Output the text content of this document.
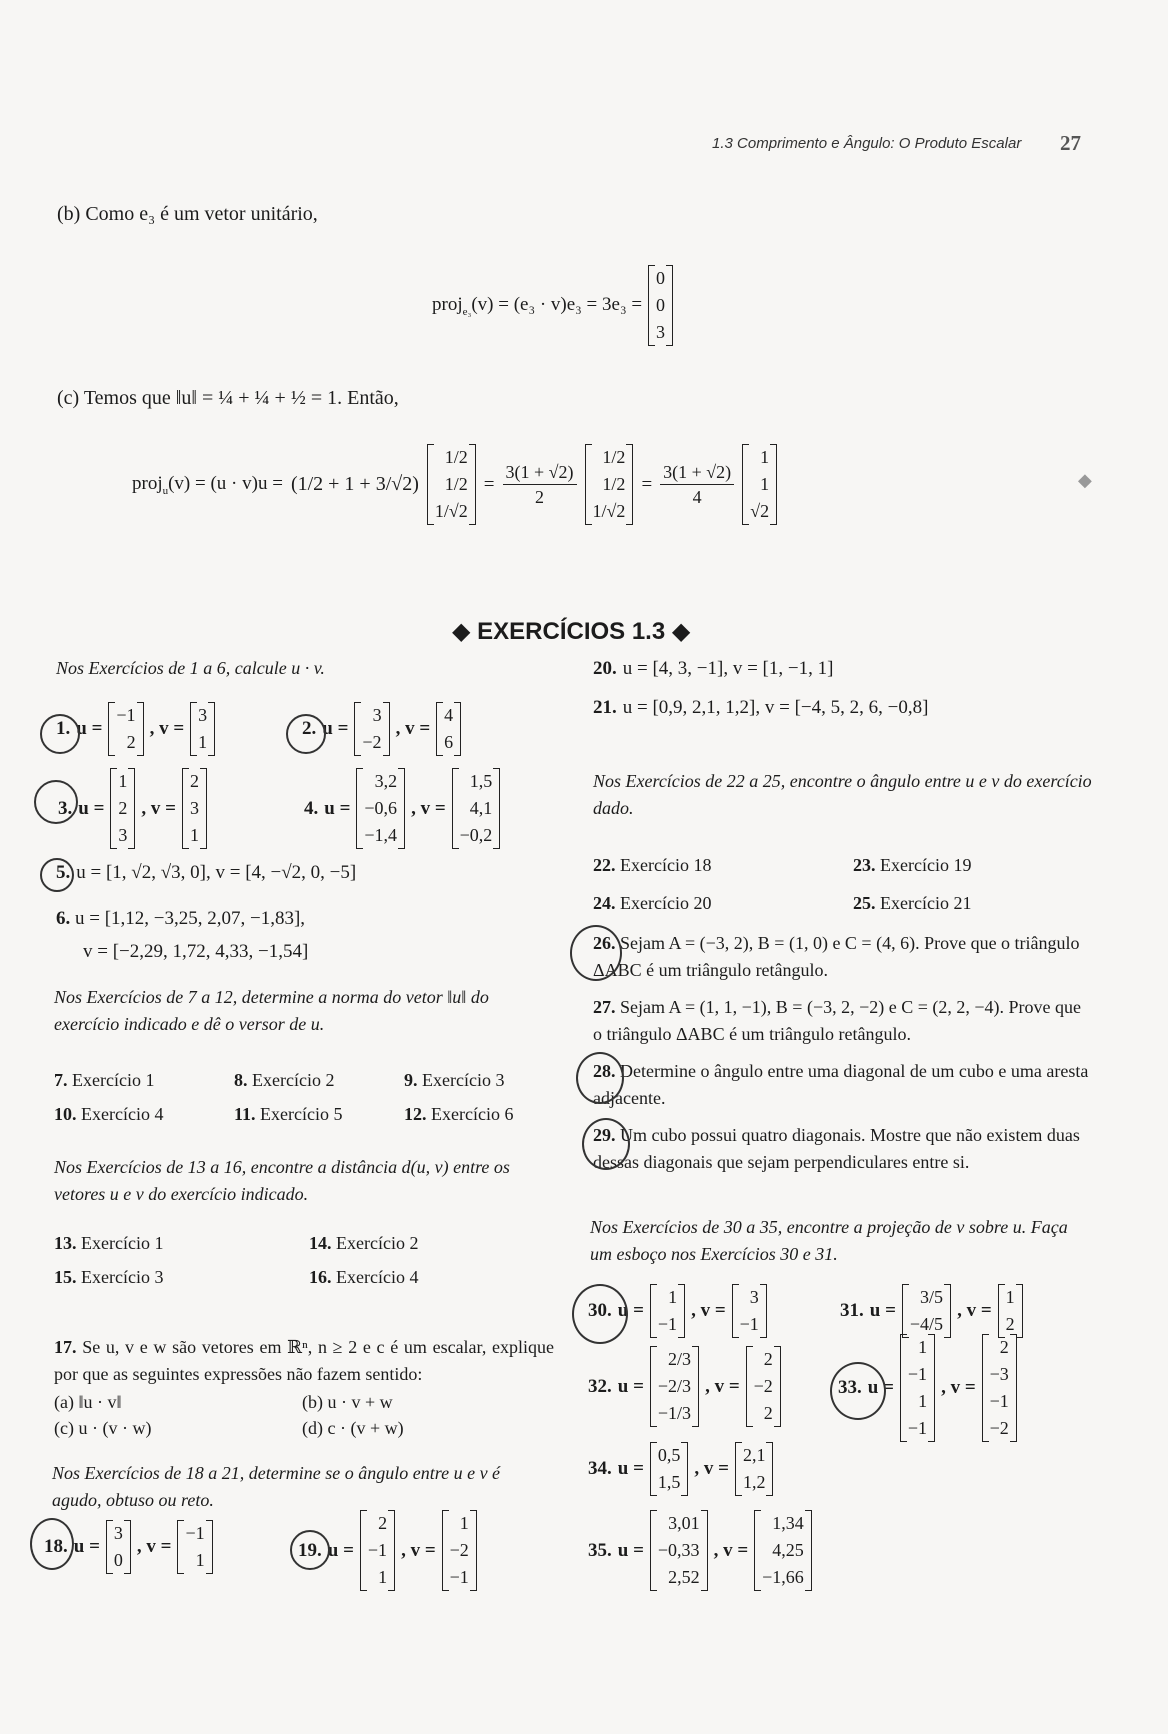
1.3 Comprimento e Ângulo: O Produto Escalar 27
(b) Como e₃ é um vetor unitário,
proj$_{e_3}$(v) = (e₃ · v)e₃ = 3e₃ =
0
0
3
(c) Temos que ‖u‖ = ¼ + ¼ + ½ = 1. Então,
proj$_u$(v) = (u · v)u = (1/2 + 1 + 3/√2)
1/2
1/2
1/√2
= $\frac{3(1 + √2)}{2}$
1/2
1/2
1/√2
= $\frac{3(1 + √2)}{4}$
1
1
√2
◆
◆ EXERCÍCIOS 1.3 ◆
Nos Exercícios de 1 a 6, calcule u · v.
1. u =
−1
2
, v =
3
1
2. u =
3
−2
, v =
4
6
3. u =
1
2
3
, v =
2
3
1
4. u =
3,2
−0,6
−1,4
, v =
1,5
4,1
−0,2
5. u = [1, √2, √3, 0], v = [4, −√2, 0, −5]
6. u = [1,12, −3,25, 2,07, −1,83],
v = [−2,29, 1,72, 4,33, −1,54]
Nos Exercícios de 7 a 12, determine a norma do vetor ‖u‖ do exercício indicado e dê o versor de u.
7. Exercício 1	8. Exercício 2	9. Exercício 3
10. Exercício 4	11. Exercício 5	12. Exercício 6
Nos Exercícios de 13 a 16, encontre a distância d(u, v) entre os vetores u e v do exercício indicado.
13. Exercício 1	14. Exercício 2
15. Exercício 3	16. Exercício 4
17. Se u, v e w são vetores em ℝⁿ, n ≥ 2 e c é um escalar, explique por que as seguintes expressões não fazem sentido:
(a) ‖u · v‖	(b) u · v + w
(c) u · (v · w)	(d) c · (v + w)
Nos Exercícios de 18 a 21, determine se o ângulo entre u e v é agudo, obtuso ou reto.
18. u =
3
0
, v =
−1
1	19. u =
2
−1
1
, v =
1
−2
−1
20. u = [4, 3, −1], v = [1, −1, 1]
21. u = [0,9, 2,1, 1,2], v = [−4, 5, 2, 6, −0,8]
Nos Exercícios de 22 a 25, encontre o ângulo entre u e v do exercício dado.
22. Exercício 18	23. Exercício 19
24. Exercício 20	25. Exercício 21
26. Sejam A = (−3, 2), B = (1, 0) e C = (4, 6). Prove que o triângulo ΔABC é um triângulo retângulo.
27. Sejam A = (1, 1, −1), B = (−3, 2, −2) e C = (2, 2, −4). Prove que o triângulo ΔABC é um triângulo retângulo.
28. Determine o ângulo entre uma diagonal de um cubo e uma aresta adjacente.
29. Um cubo possui quatro diagonais. Mostre que não existem duas dessas diagonais que sejam perpendiculares entre si.
Nos Exercícios de 30 a 35, encontre a projeção de v sobre u. Faça um esboço nos Exercícios 30 e 31.
30. u =
1
−1
, v =
3
−1
31. u =
3/5
−4/5
, v =
1
2
32. u =
2/3
−2/3
−1/3
, v =
2
−2
2
33. u =
1
−1
1
−1
, v =
2
−3
−1
−2
34. u =
0,5
1,5
, v =
2,1
1,2
35. u =
3,01
−0,33
2,52
, v =
1,34
4,25
−1,66
